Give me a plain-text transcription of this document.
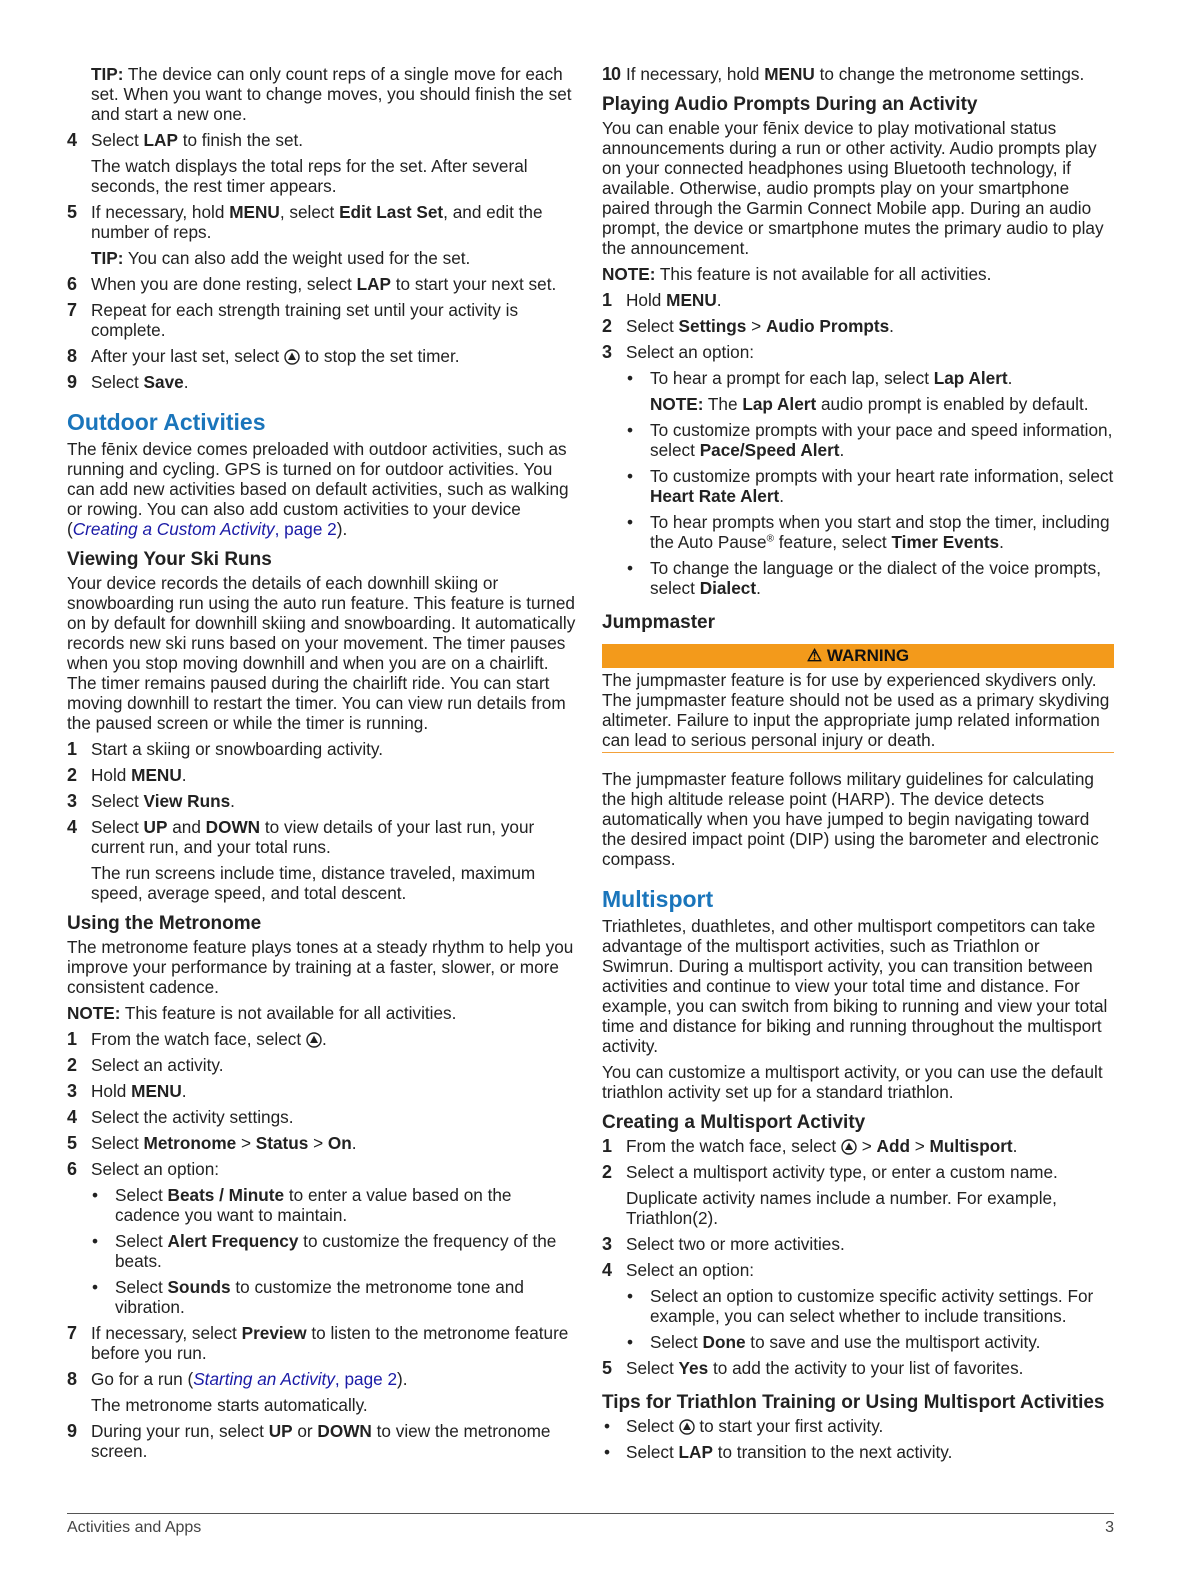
TIP: The device can only count reps of a single move for each set. When you want to change moves, you should finish the set and start a new one.

4 Select LAP to finish the set.

The watch displays the total reps for the set. After several seconds, the rest timer appears.

5 If necessary, hold MENU, select Edit Last Set, and edit the number of reps.

TIP: You can also add the weight used for the set.

6 When you are done resting, select LAP to start your next set.
7 Repeat for each strength training set until your activity is complete.
8 After your last set, select  to stop the set timer.
9 Select Save.
Outdoor Activities

The fēnix device comes preloaded with outdoor activities, such as running and cycling. GPS is turned on for outdoor activities. You can add new activities based on default activities, such as walking or rowing. You can also add custom activities to your device (Creating a Custom Activity, page 2).

Viewing Your Ski Runs

Your device records the details of each downhill skiing or snowboarding run using the auto run feature. This feature is turned on by default for downhill skiing and snowboarding. It automatically records new ski runs based on your movement. The timer pauses when you stop moving downhill and when you are on a chairlift. The timer remains paused during the chairlift ride. You can start moving downhill to restart the timer. You can view run details from the paused screen or while the timer is running.

1 Start a skiing or snowboarding activity.
2 Hold MENU.
3 Select View Runs.
4 Select UP and DOWN to view details of your last run, your current run, and your total runs.

The run screens include time, distance traveled, maximum speed, average speed, and total descent.

Using the Metronome

The metronome feature plays tones at a steady rhythm to help you improve your performance by training at a faster, slower, or more consistent cadence.

NOTE: This feature is not available for all activities.

1 From the watch face, select .
2 Select an activity.
3 Hold MENU.
4 Select the activity settings.
5 Select Metronome > Status > On.
6 Select an option:
• Select Beats / Minute to enter a value based on the cadence you want to maintain.
• Select Alert Frequency to customize the frequency of the beats.
• Select Sounds to customize the metronome tone and vibration.
7 If necessary, select Preview to listen to the metronome feature before you run.
8 Go for a run (Starting an Activity, page 2).

The metronome starts automatically.

9 During your run, select UP or DOWN to view the metronome screen.
10 If necessary, hold MENU to change the metronome settings.
Playing Audio Prompts During an Activity

You can enable your fēnix device to play motivational status announcements during a run or other activity. Audio prompts play on your connected headphones using Bluetooth technology, if available. Otherwise, audio prompts play on your smartphone paired through the Garmin Connect Mobile app. During an audio prompt, the device or smartphone mutes the primary audio to play the announcement.

NOTE: This feature is not available for all activities.

1 Hold MENU.
2 Select Settings > Audio Prompts.
3 Select an option:
• To hear a prompt for each lap, select Lap Alert.

NOTE: The Lap Alert audio prompt is enabled by default.

• To customize prompts with your pace and speed information, select Pace/Speed Alert.
• To customize prompts with your heart rate information, select Heart Rate Alert.
• To hear prompts when you start and stop the timer, including the Auto Pause® feature, select Timer Events.
• To change the language or the dialect of the voice prompts, select Dialect.
Jumpmaster
⚠ WARNING

The jumpmaster feature is for use by experienced skydivers only. The jumpmaster feature should not be used as a primary skydiving altimeter. Failure to input the appropriate jump related information can lead to serious personal injury or death.

The jumpmaster feature follows military guidelines for calculating the high altitude release point (HARP). The device detects automatically when you have jumped to begin navigating toward the desired impact point (DIP) using the barometer and electronic compass.

Multisport

Triathletes, duathletes, and other multisport competitors can take advantage of the multisport activities, such as Triathlon or Swimrun. During a multisport activity, you can transition between activities and continue to view your total time and distance. For example, you can switch from biking to running and view your total time and distance for biking and running throughout the multisport activity.

You can customize a multisport activity, or you can use the default triathlon activity set up for a standard triathlon.

Creating a Multisport Activity
1 From the watch face, select  > Add > Multisport.
2 Select a multisport activity type, or enter a custom name.

Duplicate activity names include a number. For example, Triathlon(2).

3 Select two or more activities.
4 Select an option:
• Select an option to customize specific activity settings. For example, you can select whether to include transitions.
• Select Done to save and use the multisport activity.
5 Select Yes to add the activity to your list of favorites.
Tips for Triathlon Training or Using Multisport Activities
• Select  to start your first activity.
• Select LAP to transition to the next activity.
Activities and Apps	3
